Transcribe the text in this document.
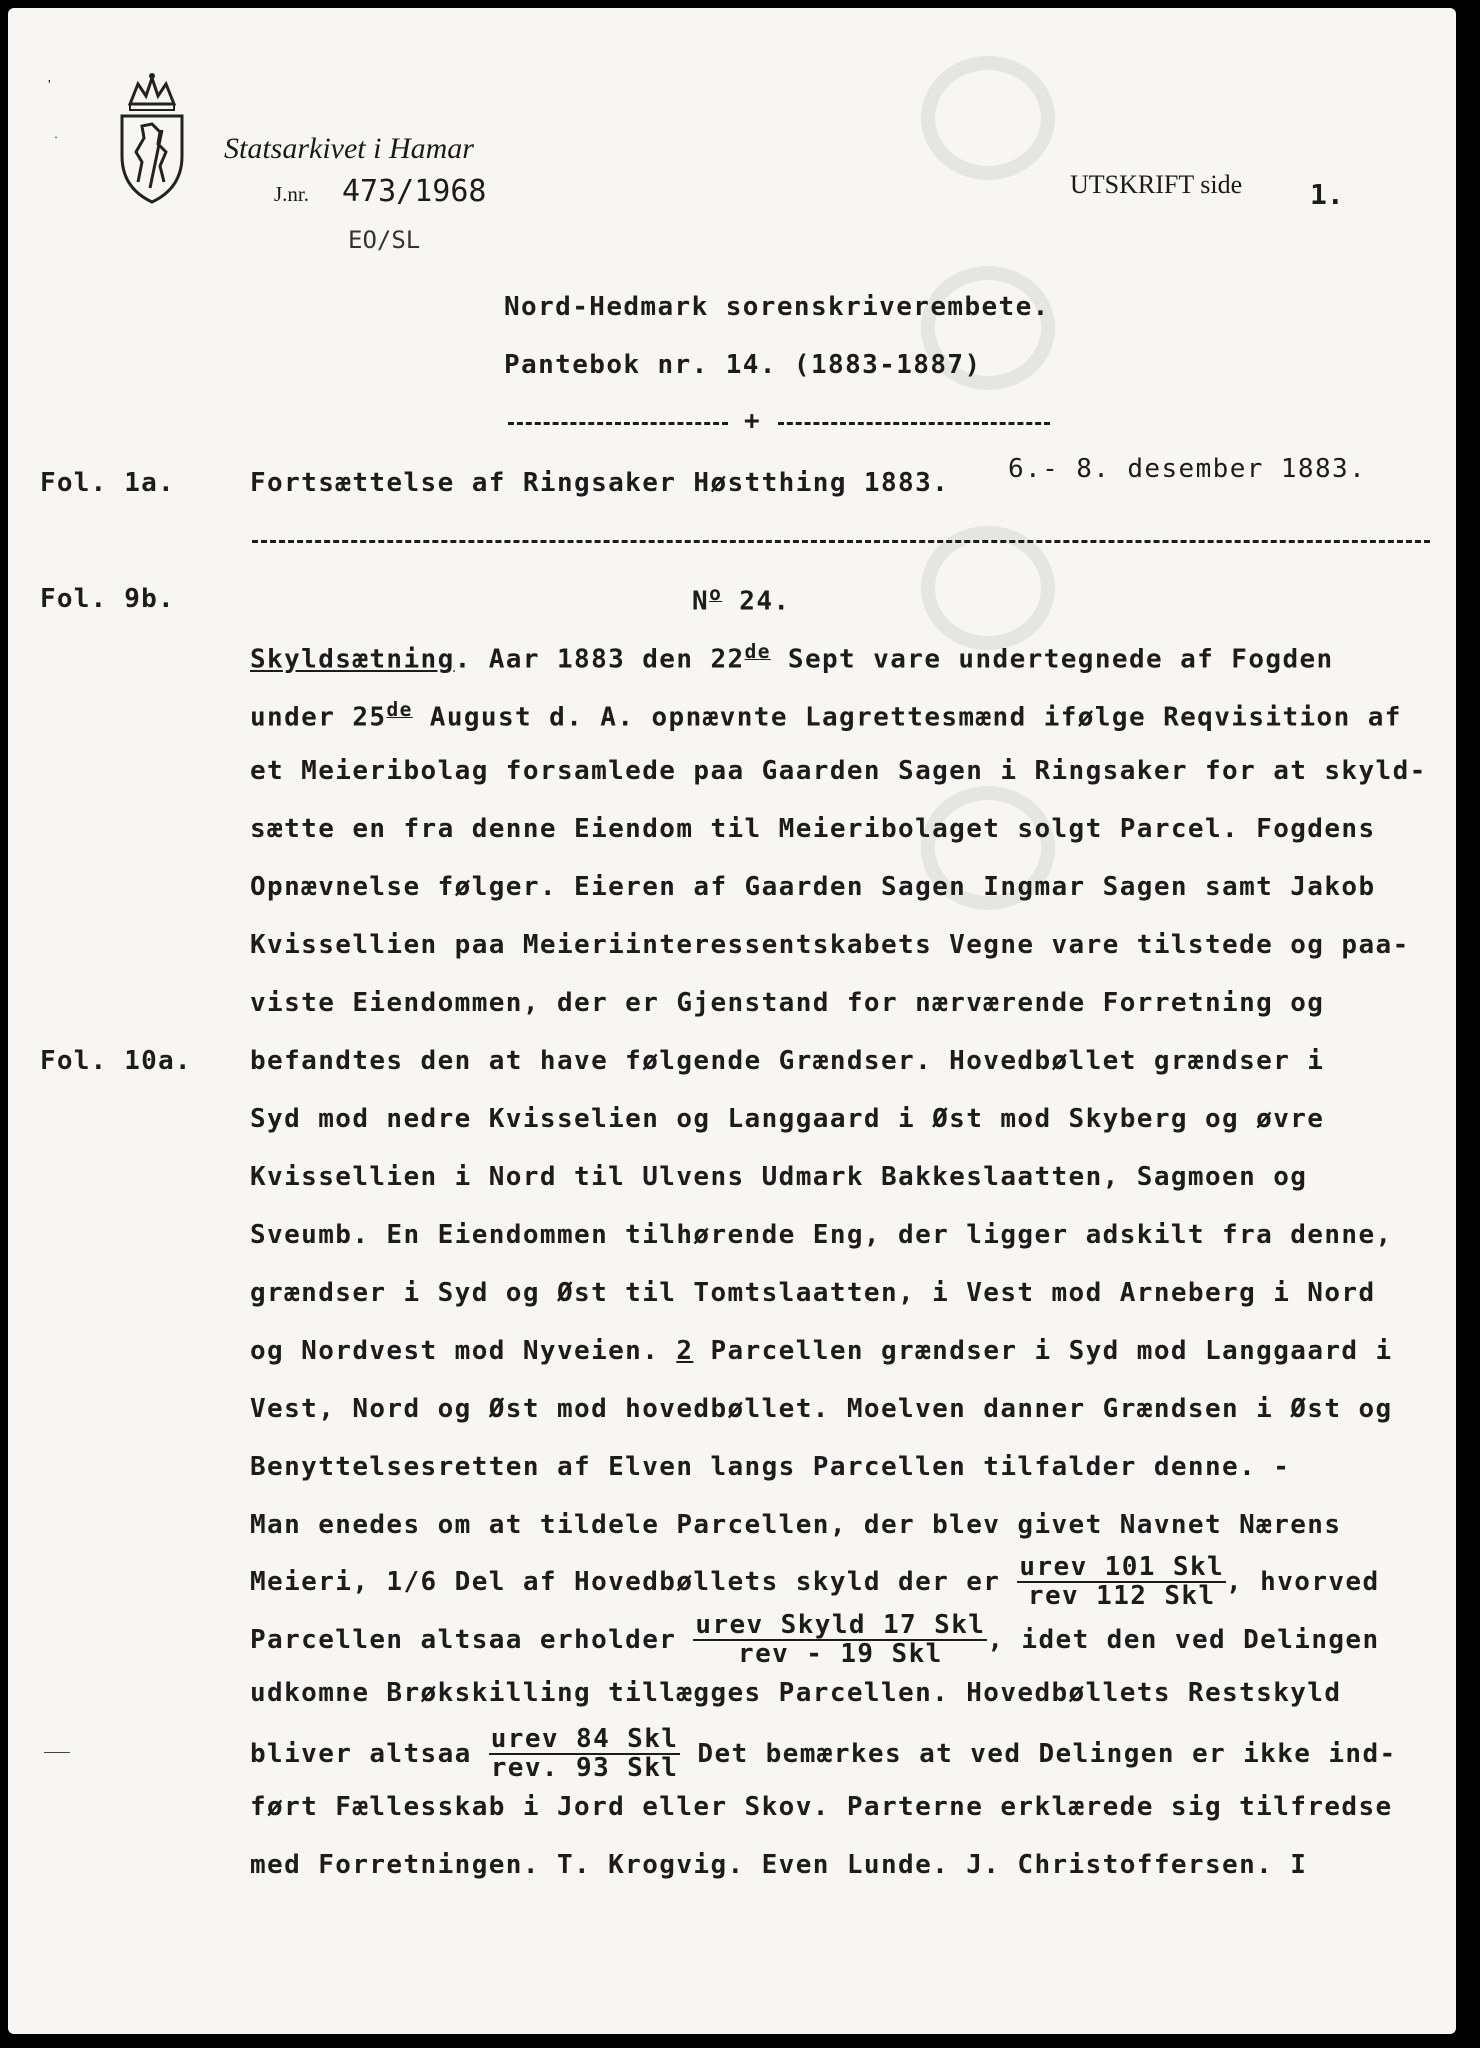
'
·	Statsarkivet i Hamar
J.nr. 473/1968
EO/SL
UTSKRIFT side 1.
Nord-Hedmark sorenskriverembete.
Pantebok nr. 14. (1883-1887)
+
Fol. 1a.	Fortsættelse af Ringsaker Høstthing 1883. 6.- 8. desember 1883.
Fol. 9b.	$N^o$ 24.
Skyldsætning. Aar 1883 den 22de Sept vare undertegnede af Fogden
under 25de August d. A. opnævnte Lagrettesmænd ifølge Reqvisition af
et Meieribolag forsamlede paa Gaarden Sagen i Ringsaker for at skyld-
sætte en fra denne Eiendom til Meieribolaget solgt Parcel. Fogdens
Opnævnelse følger. Eieren af Gaarden Sagen Ingmar Sagen samt Jakob
Kvissellien paa Meieriinteressentskabets Vegne vare tilstede og paa-
viste Eiendommen, der er Gjenstand for nærværende Forretning og
Fol. 10a. befandtes den at have følgende Grændser. Hovedbøllet grændser i
Syd mod nedre Kvisselien og Langgaard i Øst mod Skyberg og øvre
Kvissellien i Nord til Ulvens Udmark Bakkeslaatten, Sagmoen og
Sveumb. En Eiendommen tilhørende Eng, der ligger adskilt fra denne,
grændser i Syd og Øst til Tomtslaatten, i Vest mod Arneberg i Nord
og Nordvest mod Nyveien. 2 Parcellen grændser i Syd mod Langgaard i
Vest, Nord og Øst mod hovedbøllet. Moelven danner Grændsen i Øst og
Benyttelsesretten af Elven langs Parcellen tilfalder denne. -
Man enedes om at tildele Parcellen, der blev givet Navnet Nærens
Meieri, 1/6 Del af Hovedbøllets skyld der er $\frac{\text{urev 101 Skl}}{\text{rev 112 Skl}}$ , hvorved
Parcellen altsaa erholder $\frac{\text{urev Skyld 17 Skl}}{\text{rev - 19 Skl}}$ , idet den ved Delingen
udkomne Brøkskilling tillægges Parcellen. Hovedbøllets Restskyld
bliver altsaa $\frac{\text{urev 84 Skl}}{\text{rev. 93 Skl}}$ Det bemærkes at ved Delingen er ikke ind-
ført Fællesskab i Jord eller Skov. Parterne erklærede sig tilfredse
med Forretningen. T. Krogvig. Even Lunde. J. Christoffersen. I
